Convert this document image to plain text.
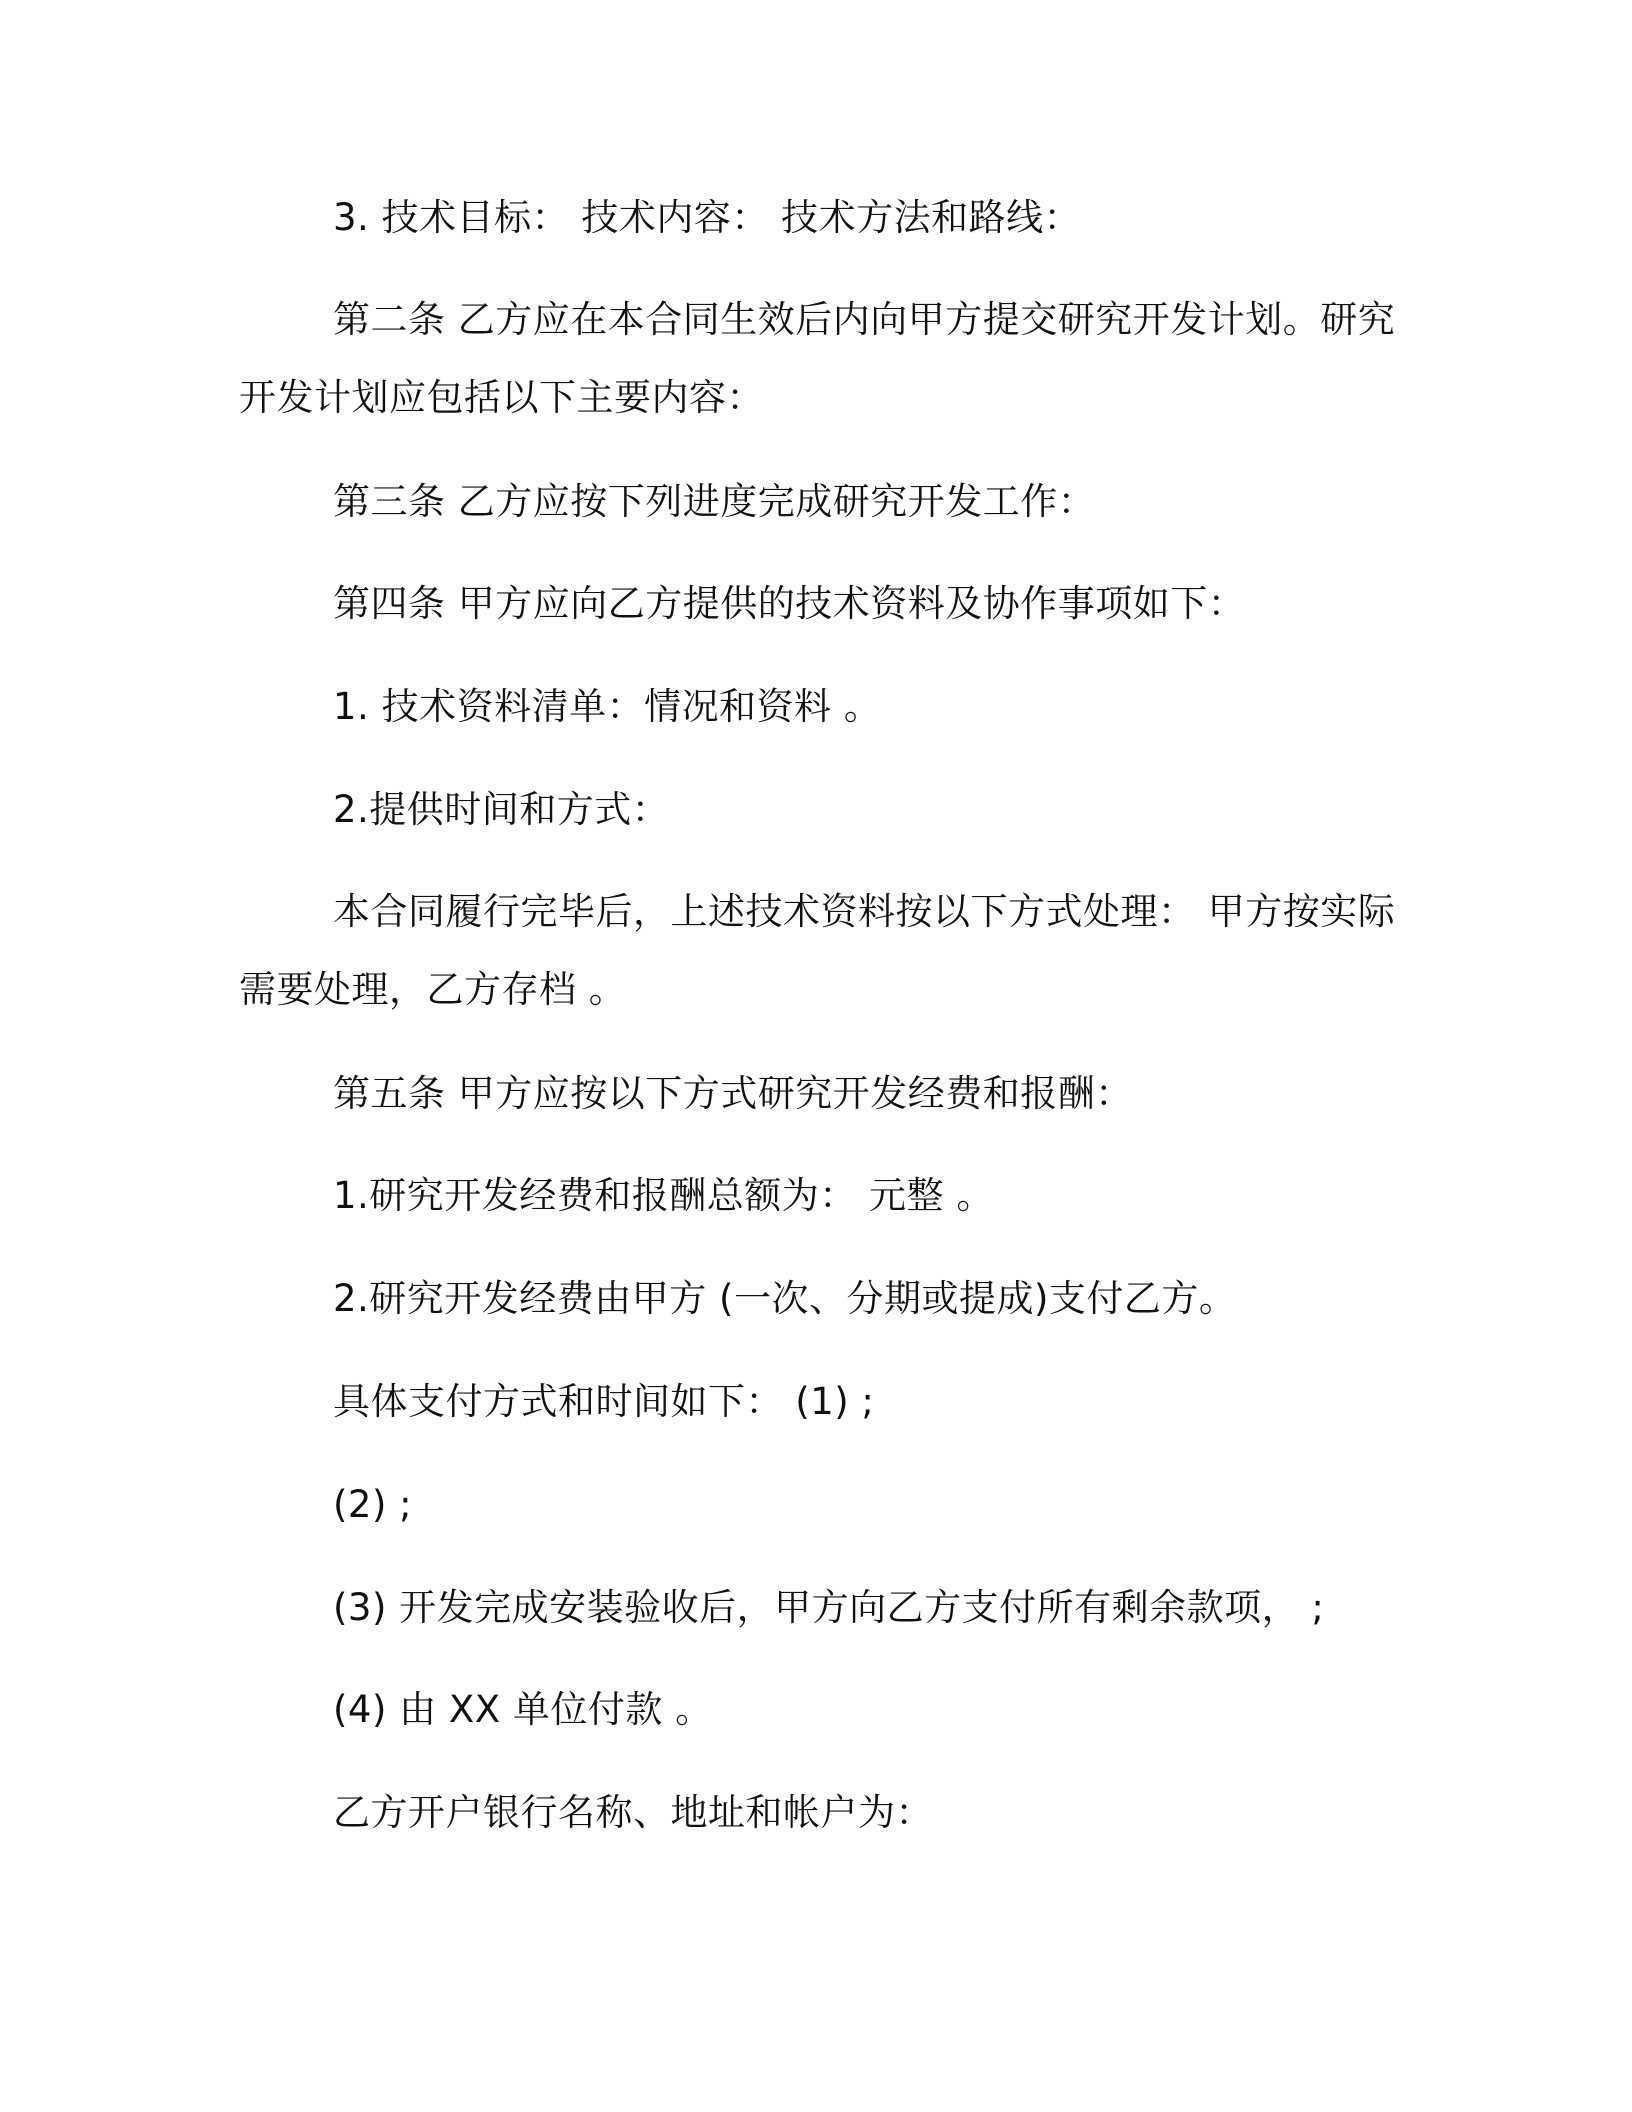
3. 技术目标： 技术内容： 技术方法和路线：
第二条 乙方应在本合同生效后内向甲方提交研究开发计划。研究
开发计划应包括以下主要内容：
第三条 乙方应按下列进度完成研究开发工作：
第四条 甲方应向乙方提供的技术资料及协作事项如下：
1. 技术资料清单：情况和资料 。
2.提供时间和方式：
本合同履行完毕后，上述技术资料按以下方式处理： 甲方按实际
需要处理，乙方存档 。
第五条 甲方应按以下方式研究开发经费和报酬：
1.研究开发经费和报酬总额为： 元整 。
2.研究开发经费由甲方 (一次、分期或提成)支付乙方。
具体支付方式和时间如下： (1) ;
(2) ;
(3) 开发完成安装验收后，甲方向乙方支付所有剩余款项， ;
(4) 由 XX 单位付款 。
乙方开户银行名称、地址和帐户为：
